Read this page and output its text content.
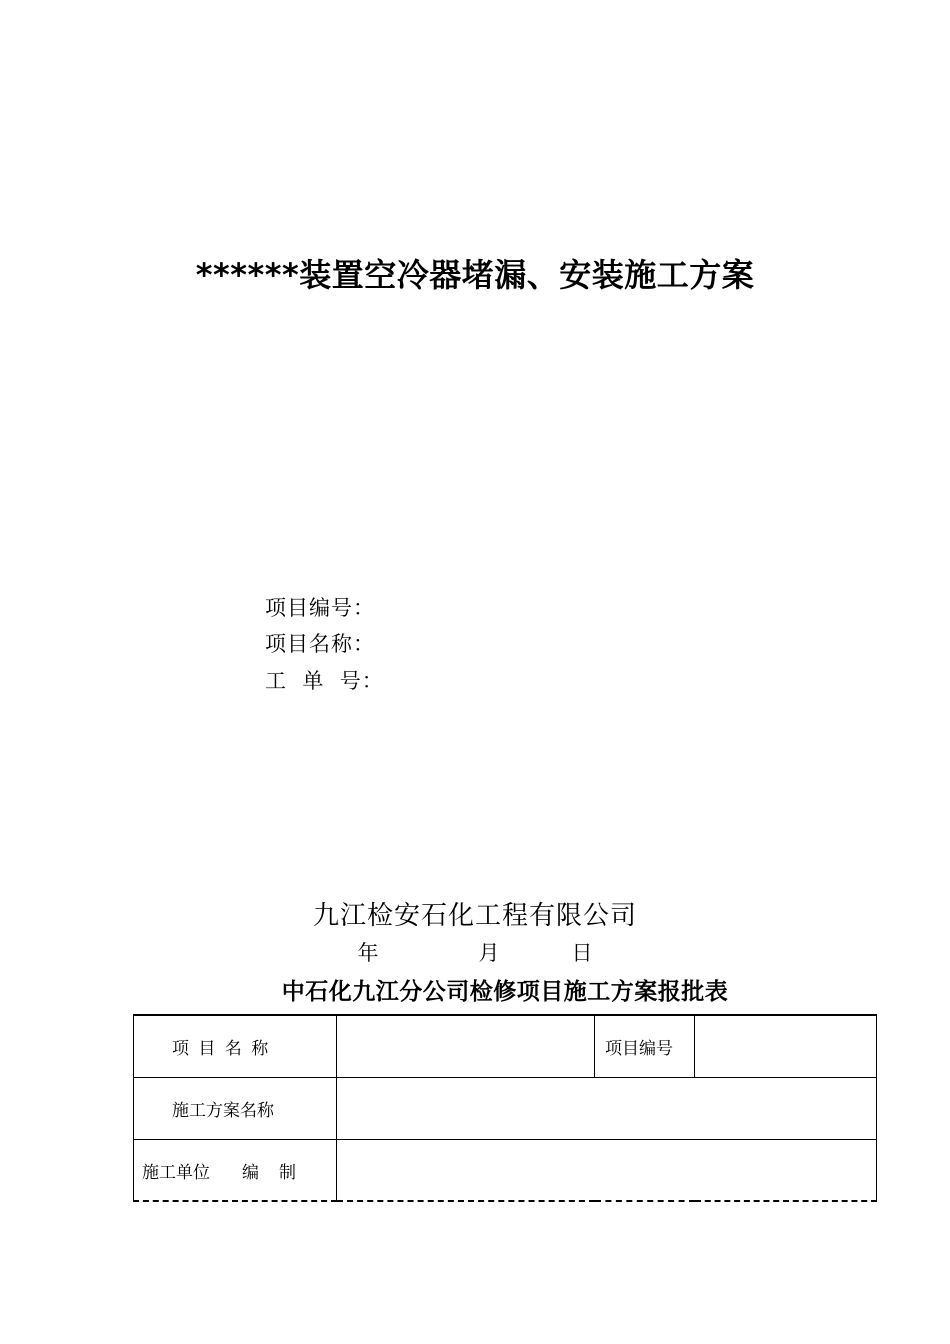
******装置空冷器堵漏、安装施工方案
项目编号：
项目名称：
工  单  号：
九江检安石化工程有限公司
年	月	日
中石化九江分公司检修项目施工方案报批表
项 目 名 称		项目编号	
施工方案名称			
施工单位 编制			
